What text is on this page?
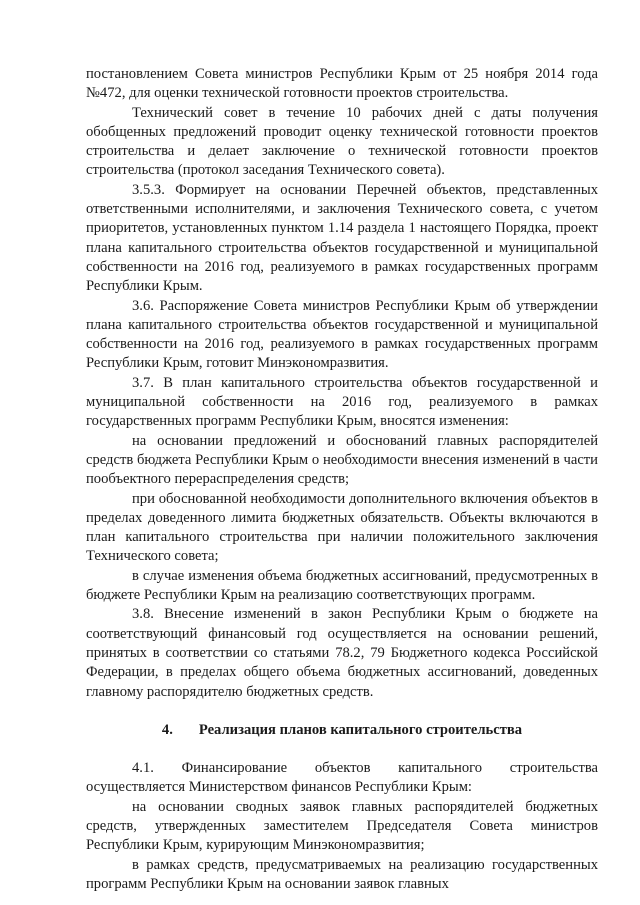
постановлением Совета министров Республики Крым от 25 ноября 2014 года №472, для оценки технической готовности проектов строительства.

Технический совет в течение 10 рабочих дней с даты получения обобщенных предложений проводит оценку технической готовности проектов строительства и делает заключение о технической готовности проектов строительства (протокол заседания Технического совета).

3.5.3. Формирует на основании Перечней объектов, представленных ответственными исполнителями, и заключения Технического совета, с учетом приоритетов, установленных пунктом 1.14 раздела 1 настоящего Порядка, проект плана капитального строительства объектов государственной и муниципальной собственности на 2016 год, реализуемого в рамках государственных программ Республики Крым.

3.6. Распоряжение Совета министров Республики Крым об утверждении плана капитального строительства объектов государственной и муниципальной собственности на 2016 год, реализуемого в рамках государственных программ Республики Крым, готовит Минэкономразвития.

3.7. В план капитального строительства объектов государственной и муниципальной собственности на 2016 год, реализуемого в рамках государственных программ Республики Крым, вносятся изменения:

на основании предложений и обоснований главных распорядителей средств бюджета Республики Крым о необходимости внесения изменений в части пообъектного перераспределения средств;

при обоснованной необходимости дополнительного включения объектов в пределах доведенного лимита бюджетных обязательств. Объекты включаются в план капитального строительства при наличии положительного заключения Технического совета;

в случае изменения объема бюджетных ассигнований, предусмотренных в бюджете Республики Крым на реализацию соответствующих программ.

3.8. Внесение изменений в закон Республики Крым о бюджете на соответствующий финансовый год осуществляется на основании решений, принятых в соответствии со статьями 78.2, 79 Бюджетного кодекса Российской Федерации, в пределах общего объема бюджетных ассигнований, доведенных главному распорядителю бюджетных средств.

4. Реализация планов капитального строительства

4.1. Финансирование объектов капитального строительства осуществляется Министерством финансов Республики Крым:

на основании сводных заявок главных распорядителей бюджетных средств, утвержденных заместителем Председателя Совета министров Республики Крым, курирующим Минэкономразвития;

в рамках средств, предусматриваемых на реализацию государственных программ Республики Крым на основании заявок главных
